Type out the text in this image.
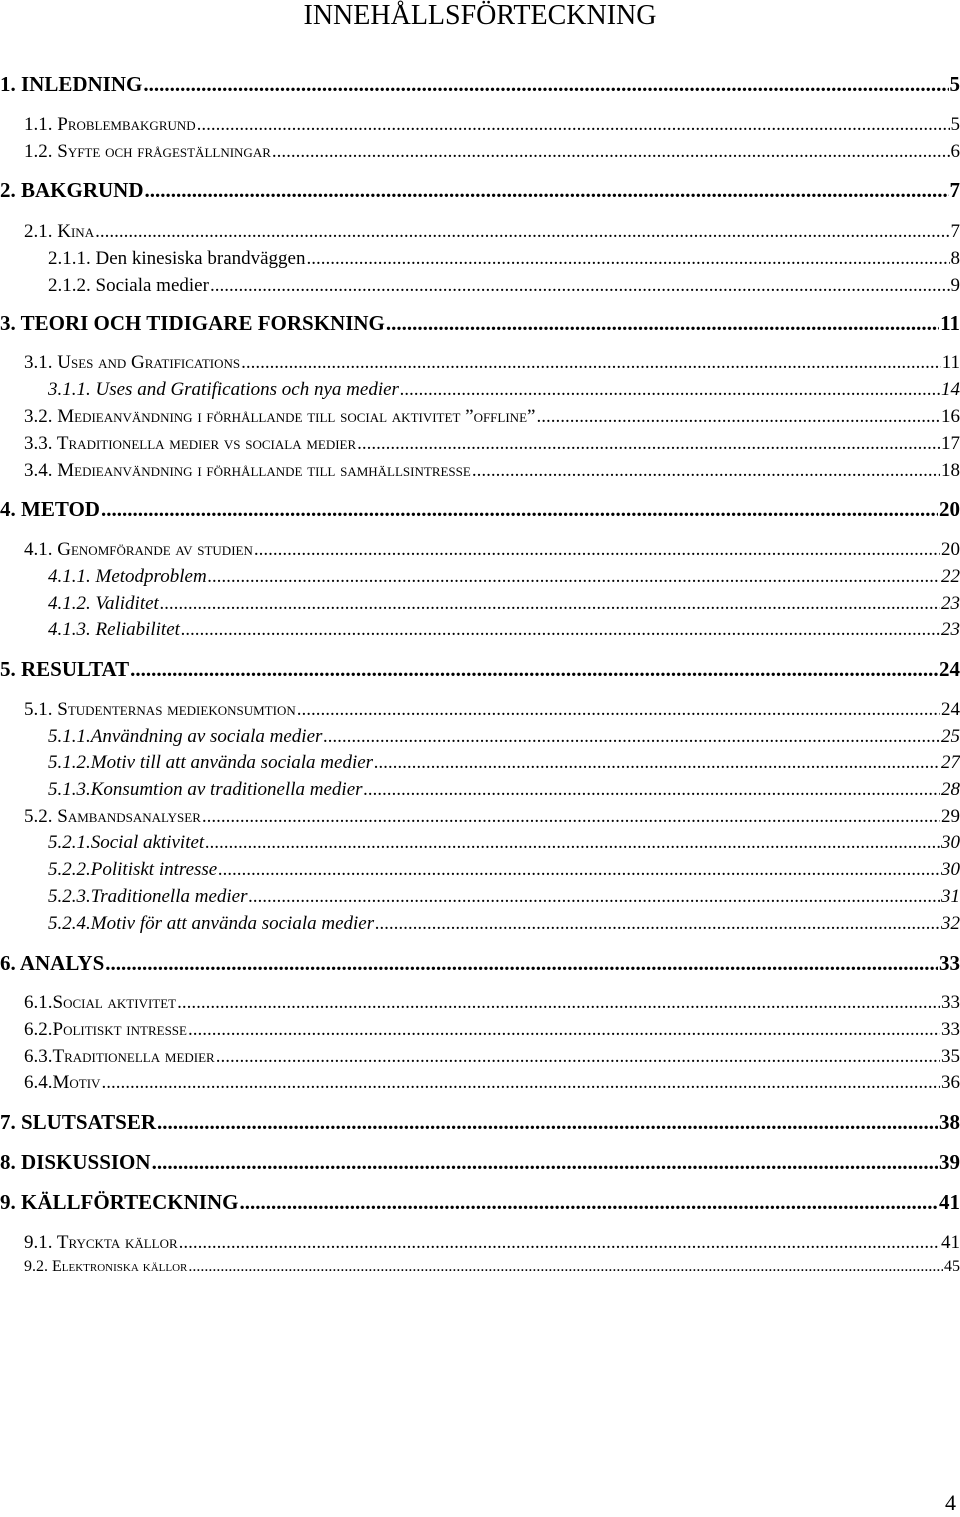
INNEHÅLLSFÖRTECKNING
1. INLEDNING .....	5
1.1. Problembakgrund .....	5
1.2. Syfte och frågeställningar .....	6
2. BAKGRUND .....	7
2.1. Kina .....	7
2.1.1. Den kinesiska brandväggen .....	8
2.1.2. Sociala medier .....	9
3. TEORI OCH TIDIGARE FORSKNING .....	11
3.1. Uses and Gratifications .....	11
3.1.1. Uses and Gratifications och nya medier .....	14
3.2. Medieanvändning i förhållande till social aktivitet ”offline” .....	16
3.3. Traditionella medier vs sociala medier .....	17
3.4. Medieanvändning i förhållande till samhällsintresse .....	18
4. METOD .....	20
4.1. Genomförande av studien .....	20
4.1.1. Metodproblem .....	22
4.1.2. Validitet .....	23
4.1.3. Reliabilitet .....	23
5. RESULTAT .....	24
5.1. Studenternas mediekonsumtion .....	24
5.1.1.Användning av sociala medier .....	25
5.1.2.Motiv till att använda sociala medier .....	27
5.1.3.Konsumtion av traditionella medier .....	28
5.2. Sambandsanalyser .....	29
5.2.1.Social aktivitet .....	30
5.2.2.Politiskt intresse .....	30
5.2.3.Traditionella medier .....	31
5.2.4.Motiv för att använda sociala medier .....	32
6. ANALYS .....	33
6.1.Social aktivitet .....	33
6.2.Politiskt intresse .....	33
6.3.Traditionella medier .....	35
6.4.Motiv .....	36
7. SLUTSATSER .....	38
8. DISKUSSION .....	39
9. KÄLLFÖRTECKNING .....	41
9.1. Tryckta källor .....	41
9.2. Elektroniska källor .....	45
4
